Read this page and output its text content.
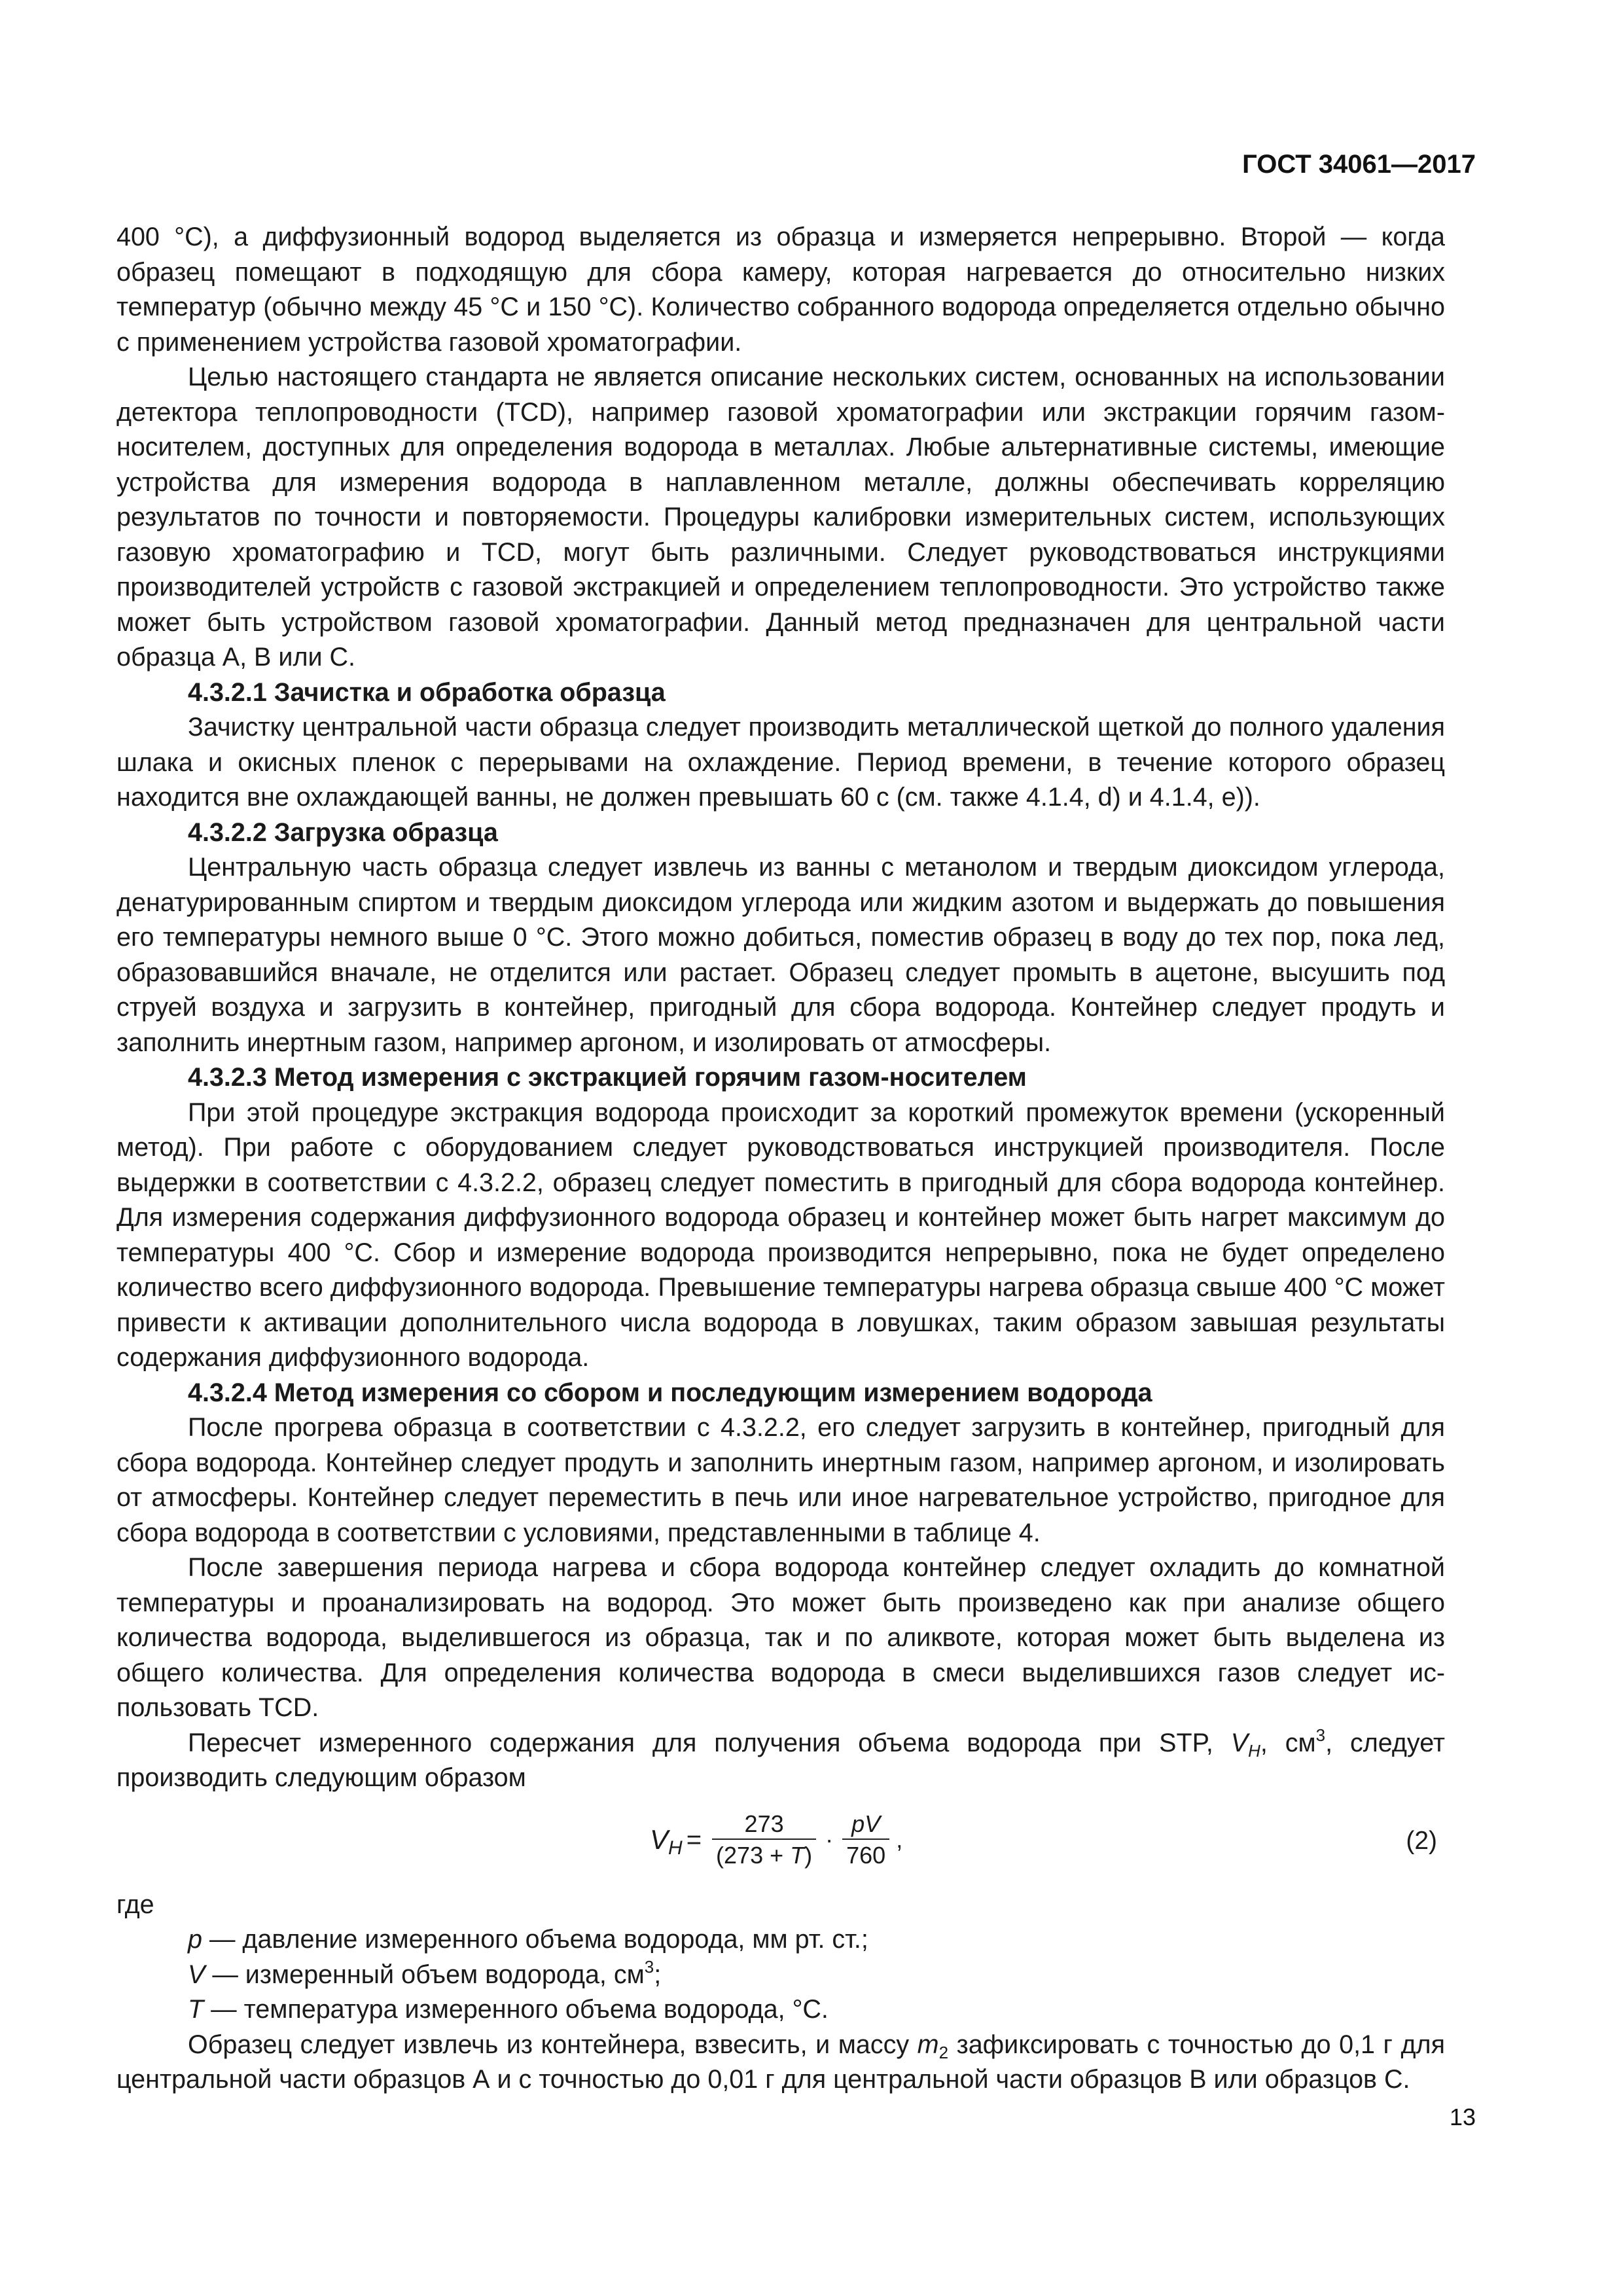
ГОСТ 34061—2017

400 °С), а диффузионный водород выделяется из образца и измеряется непрерывно. Второй — когда образец помещают в подходящую для сбора камеру, которая нагревается до относительно низких температур (обычно между 45 °С и 150 °С). Количество собранного водорода определяется отдельно обычно с применением устройства газовой хроматографии.

Целью настоящего стандарта не является описание нескольких систем, основанных на использовании детектора теплопроводности (TCD), например газовой хроматографии или экстракции горячим газом-носителем, доступных для определения водорода в металлах. Любые альтернативные системы, имеющие устройства для измерения водорода в наплавленном металле, должны обеспечивать корреляцию результатов по точности и повторяемости. Процедуры калибровки измерительных систем, использующих газовую хроматографию и TCD, могут быть различными. Следует руководствоваться инструкциями производителей устройств с газовой экстракцией и определением теплопроводности. Это устройство также может быть устройством газовой хроматографии. Данный метод предназначен для центральной части образца А, В или С.

4.3.2.1 Зачистка и обработка образца

Зачистку центральной части образца следует производить металлической щеткой до полного удаления шлака и окисных пленок с перерывами на охлаждение. Период времени, в течение которого образец находится вне охлаждающей ванны, не должен превышать 60 с (см. также 4.1.4, d) и 4.1.4, е)).

4.3.2.2 Загрузка образца

Центральную часть образца следует извлечь из ванны с метанолом и твердым диоксидом углерода, денатурированным спиртом и твердым диоксидом углерода или жидким азотом и выдержать до повышения его температуры немного выше 0 °С. Этого можно добиться, поместив образец в воду до тех пор, пока лед, образовавшийся вначале, не отделится или растает. Образец следует промыть в ацетоне, высушить под струей воздуха и загрузить в контейнер, пригодный для сбора водорода. Контейнер следует продуть и заполнить инертным газом, например аргоном, и изолировать от атмосферы.

4.3.2.3 Метод измерения с экстракцией горячим газом-носителем

При этой процедуре экстракция водорода происходит за короткий промежуток времени (ускоренный метод). При работе с оборудованием следует руководствоваться инструкцией производителя. После выдержки в соответствии с 4.3.2.2, образец следует поместить в пригодный для сбора водорода контейнер. Для измерения содержания диффузионного водорода образец и контейнер может быть нагрет максимум до температуры 400 °С. Сбор и измерение водорода производится непрерывно, пока не будет определено количество всего диффузионного водорода. Превышение температуры нагрева образца свыше 400 °С может привести к активации дополнительного числа водорода в ловушках, таким образом завышая результаты содержания диффузионного водорода.

4.3.2.4 Метод измерения со сбором и последующим измерением водорода

После прогрева образца в соответствии с 4.3.2.2, его следует загрузить в контейнер, пригодный для сбора водорода. Контейнер следует продуть и заполнить инертным газом, например аргоном, и изолировать от атмосферы. Контейнер следует переместить в печь или иное нагревательное устройство, пригодное для сбора водорода в соответствии с условиями, представленными в таблице 4.

После завершения периода нагрева и сбора водорода контейнер следует охладить до комнатной температуры и проанализировать на водород. Это может быть произведено как при анализе общего количества водорода, выделившегося из образца, так и по аликвоте, которая может быть выделена из общего количества. Для определения количества водорода в смеси выделившихся газов следует использовать TCD.

Пересчет измеренного содержания для получения объема водорода при STP, $V_H$, $см^3$, следует производить следующим образом

$V_H = \frac{273}{(273 + T)} \cdot \frac{pV}{760}$ ,	(2)

где

p — давление измеренного объема водорода, мм рт. ст.;

V — измеренный объем водорода, $см^3$;

T — температура измеренного объема водорода, °С.

Образец следует извлечь из контейнера, взвесить, и массу $m_2$ зафиксировать с точностью до 0,1 г для центральной части образцов А и с точностью до 0,01 г для центральной части образцов В или образцов С.

13
